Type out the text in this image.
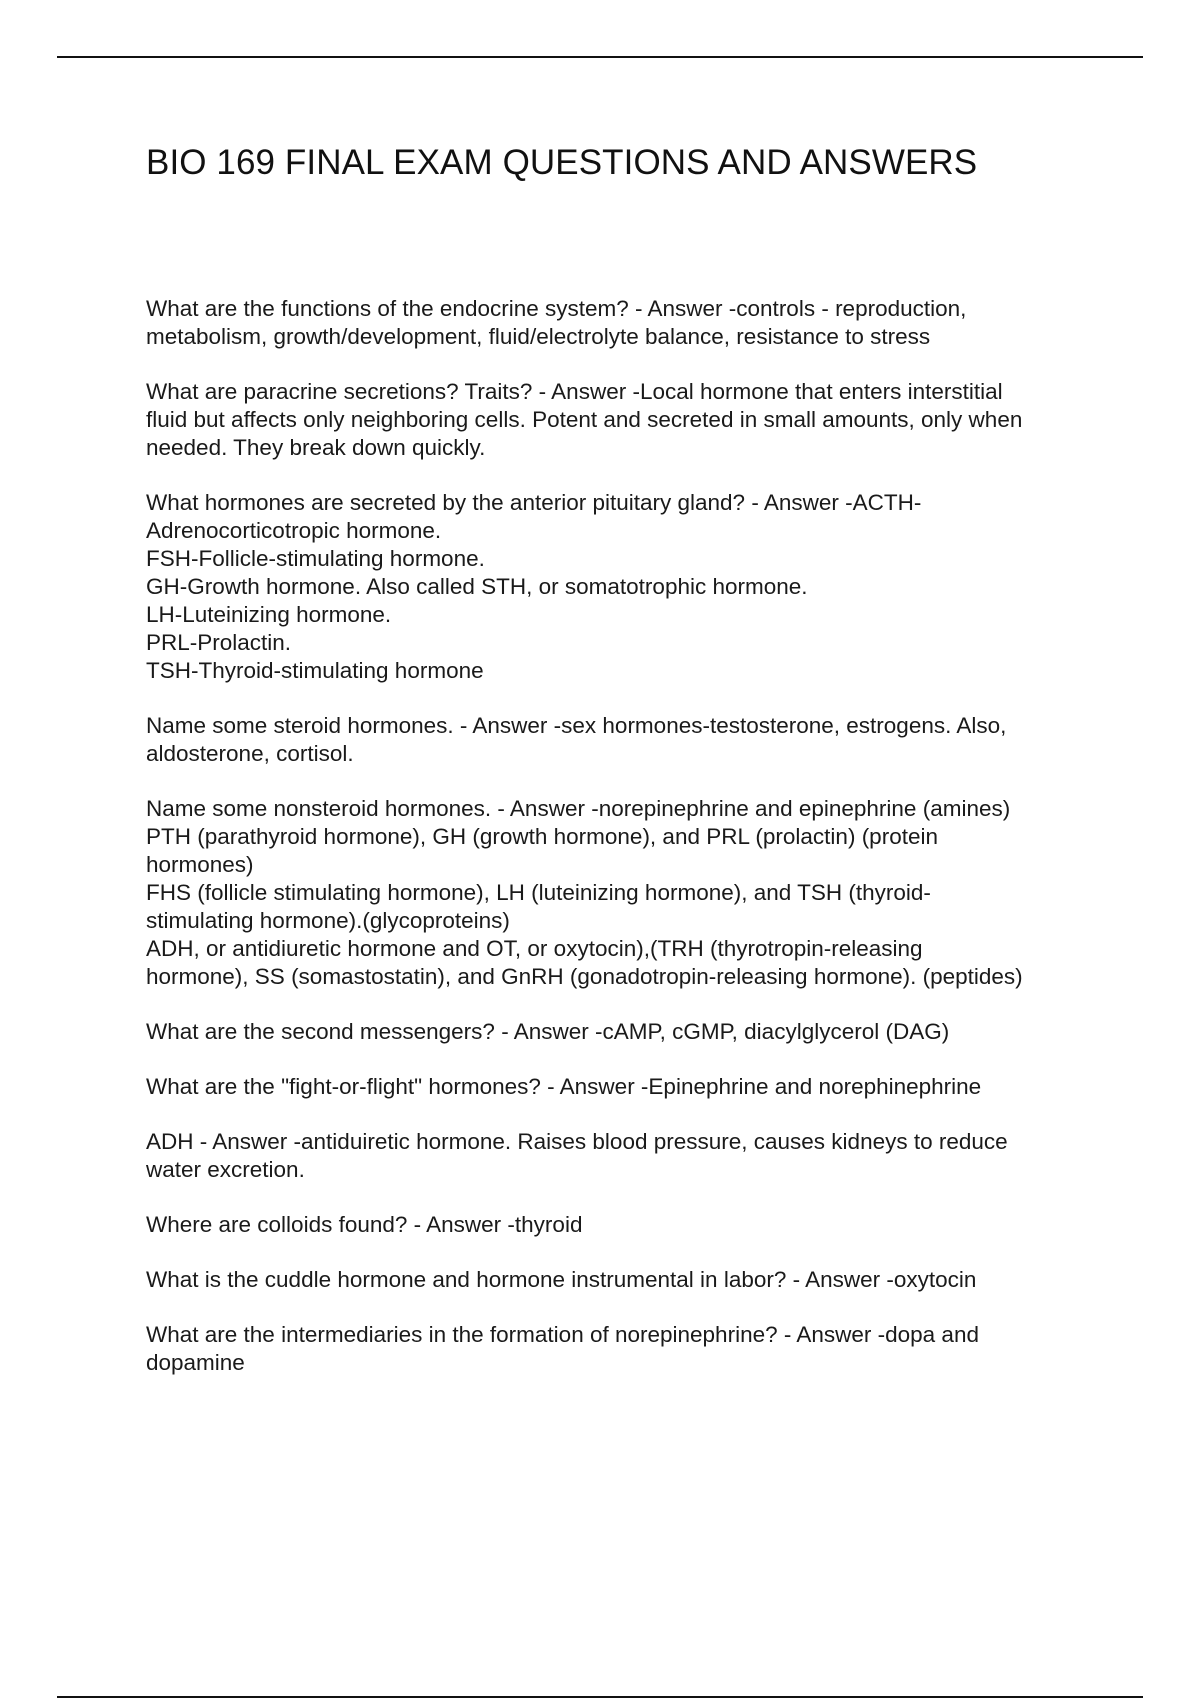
BIO 169 FINAL EXAM QUESTIONS AND ANSWERS
What are the functions of the endocrine system? - Answer -controls - reproduction,
metabolism, growth/development, fluid/electrolyte balance, resistance to stress
What are paracrine secretions? Traits? - Answer -Local hormone that enters interstitial
fluid but affects only neighboring cells. Potent and secreted in small amounts, only when
needed. They break down quickly.
What hormones are secreted by the anterior pituitary gland? - Answer -ACTH-
Adrenocorticotropic hormone.
FSH-Follicle-stimulating hormone.
GH-Growth hormone. Also called STH, or somatotrophic hormone.
LH-Luteinizing hormone.
PRL-Prolactin.
TSH-Thyroid-stimulating hormone
Name some steroid hormones. - Answer -sex hormones-testosterone, estrogens. Also,
aldosterone, cortisol.
Name some nonsteroid hormones. - Answer -norepinephrine and epinephrine (amines)
PTH (parathyroid hormone), GH (growth hormone), and PRL (prolactin) (protein
hormones)
FHS (follicle stimulating hormone), LH (luteinizing hormone), and TSH (thyroid-
stimulating hormone).(glycoproteins)
ADH, or antidiuretic hormone and OT, or oxytocin),(TRH (thyrotropin-releasing
hormone), SS (somastostatin), and GnRH (gonadotropin-releasing hormone). (peptides)
What are the second messengers? - Answer -cAMP, cGMP, diacylglycerol (DAG)
What are the "fight-or-flight" hormones? - Answer -Epinephrine and norephinephrine
ADH - Answer -antiduiretic hormone. Raises blood pressure, causes kidneys to reduce
water excretion.
Where are colloids found? - Answer -thyroid
What is the cuddle hormone and hormone instrumental in labor? - Answer -oxytocin
What are the intermediaries in the formation of norepinephrine? - Answer -dopa and
dopamine
